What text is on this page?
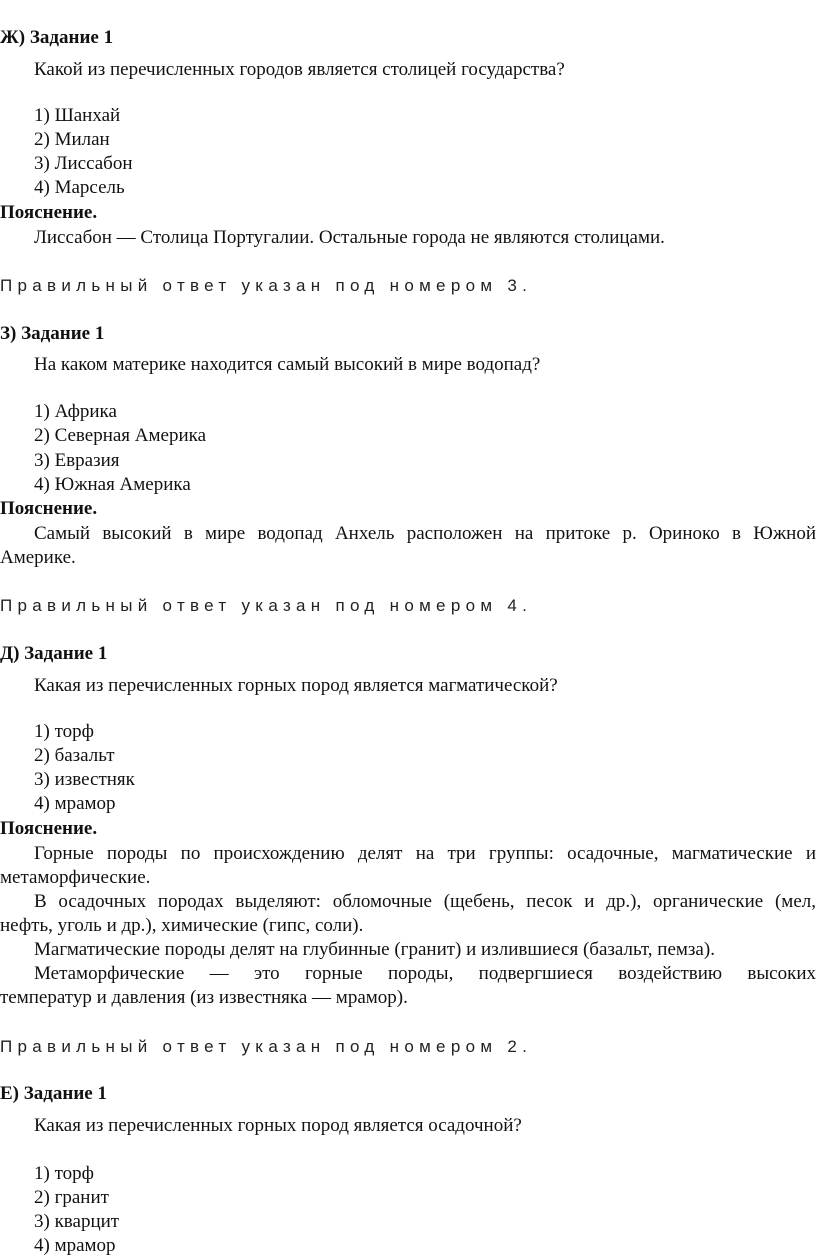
Ж) Задание 1
Какой из перечисленных городов является столицей государства?
1) Шанхай
2) Милан
3) Лиссабон
4) Марсель
Пояснение.
Лиссабон — Столица Португалии. Остальные города не являются столицами.
Правильный ответ указан под номером 3.
З) Задание 1
На каком материке находится самый высокий в мире водопад?
1) Африка
2) Северная Америка
3) Евразия
4) Южная Америка
Пояснение.
Самый высокий в мире водопад Анхель расположен на притоке р. Ориноко в Южной
Америке.
Правильный ответ указан под номером 4.
Д) Задание 1
Какая из перечисленных горных пород является магматической?
1) торф
2) базальт
3) известняк
4) мрамор
Пояснение.
Горные породы по происхождению делят на три группы: осадочные, магматические и
метаморфические.
В осадочных породах выделяют: обломочные (щебень, песок и др.), органические (мел,
нефть, уголь и др.), химические (гипс, соли).
Магматические породы делят на глубинные (гранит) и излившиеся (базальт, пемза).
Метаморфические — это горные породы, подвергшиеся воздействию высоких
температур и давления (из известняка — мрамор).
Правильный ответ указан под номером 2.
Е) Задание 1
Какая из перечисленных горных пород является осадочной?
1) торф
2) гранит
3) кварцит
4) мрамор
